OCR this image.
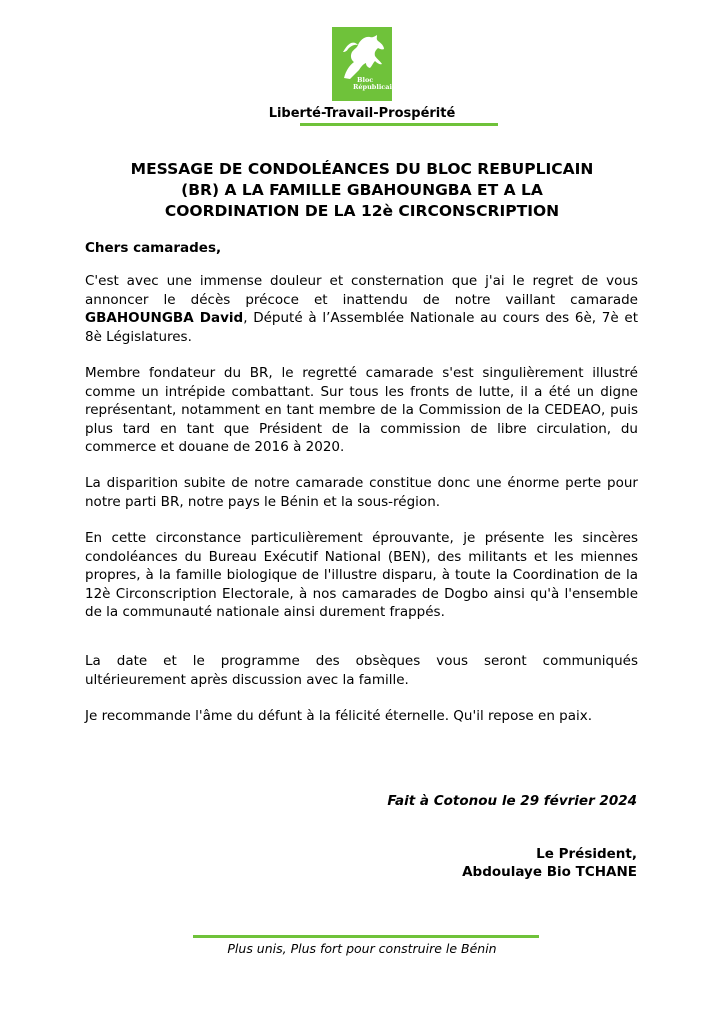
Bloc
Républicain
Liberté-Travail-Prospérité
MESSAGE DE CONDOLÉANCES DU BLOC REBUPLICAIN
(BR) A LA FAMILLE GBAHOUNGBA ET A LA
COORDINATION DE LA 12è CIRCONSCRIPTION
Chers camarades,

C'est avec une immense douleur et consternation que j'ai le regret de vous annoncer le décès précoce et inattendu de notre vaillant camarade GBAHOUNGBA David, Député à l’Assemblée Nationale au cours des 6è, 7è et 8è Législatures.

Membre fondateur du BR, le regretté camarade s'est singulièrement illustré comme un intrépide combattant. Sur tous les fronts de lutte, il a été un digne représentant, notamment en tant membre de la Commission de la CEDEAO, puis plus tard en tant que Président de la commission de libre circulation, du commerce et douane de 2016 à 2020.

La disparition subite de notre camarade constitue donc une énorme perte pour notre parti BR, notre pays le Bénin et la sous-région.

En cette circonstance particulièrement éprouvante, je présente les sincères condoléances du Bureau Exécutif National (BEN), des militants et les miennes propres, à la famille biologique de l'illustre disparu, à toute la Coordination de la 12è Circonscription Electorale, à nos camarades de Dogbo ainsi qu'à l'ensemble de la communauté nationale ainsi durement frappés.

La date et le programme des obsèques vous seront communiqués ultérieurement après discussion avec la famille.

Je recommande l'âme du défunt à la félicité éternelle. Qu'il repose en paix.

Fait à Cotonou le 29 février 2024
Le Président,
Abdoulaye Bio TCHANE
Plus unis, Plus fort pour construire le Bénin
